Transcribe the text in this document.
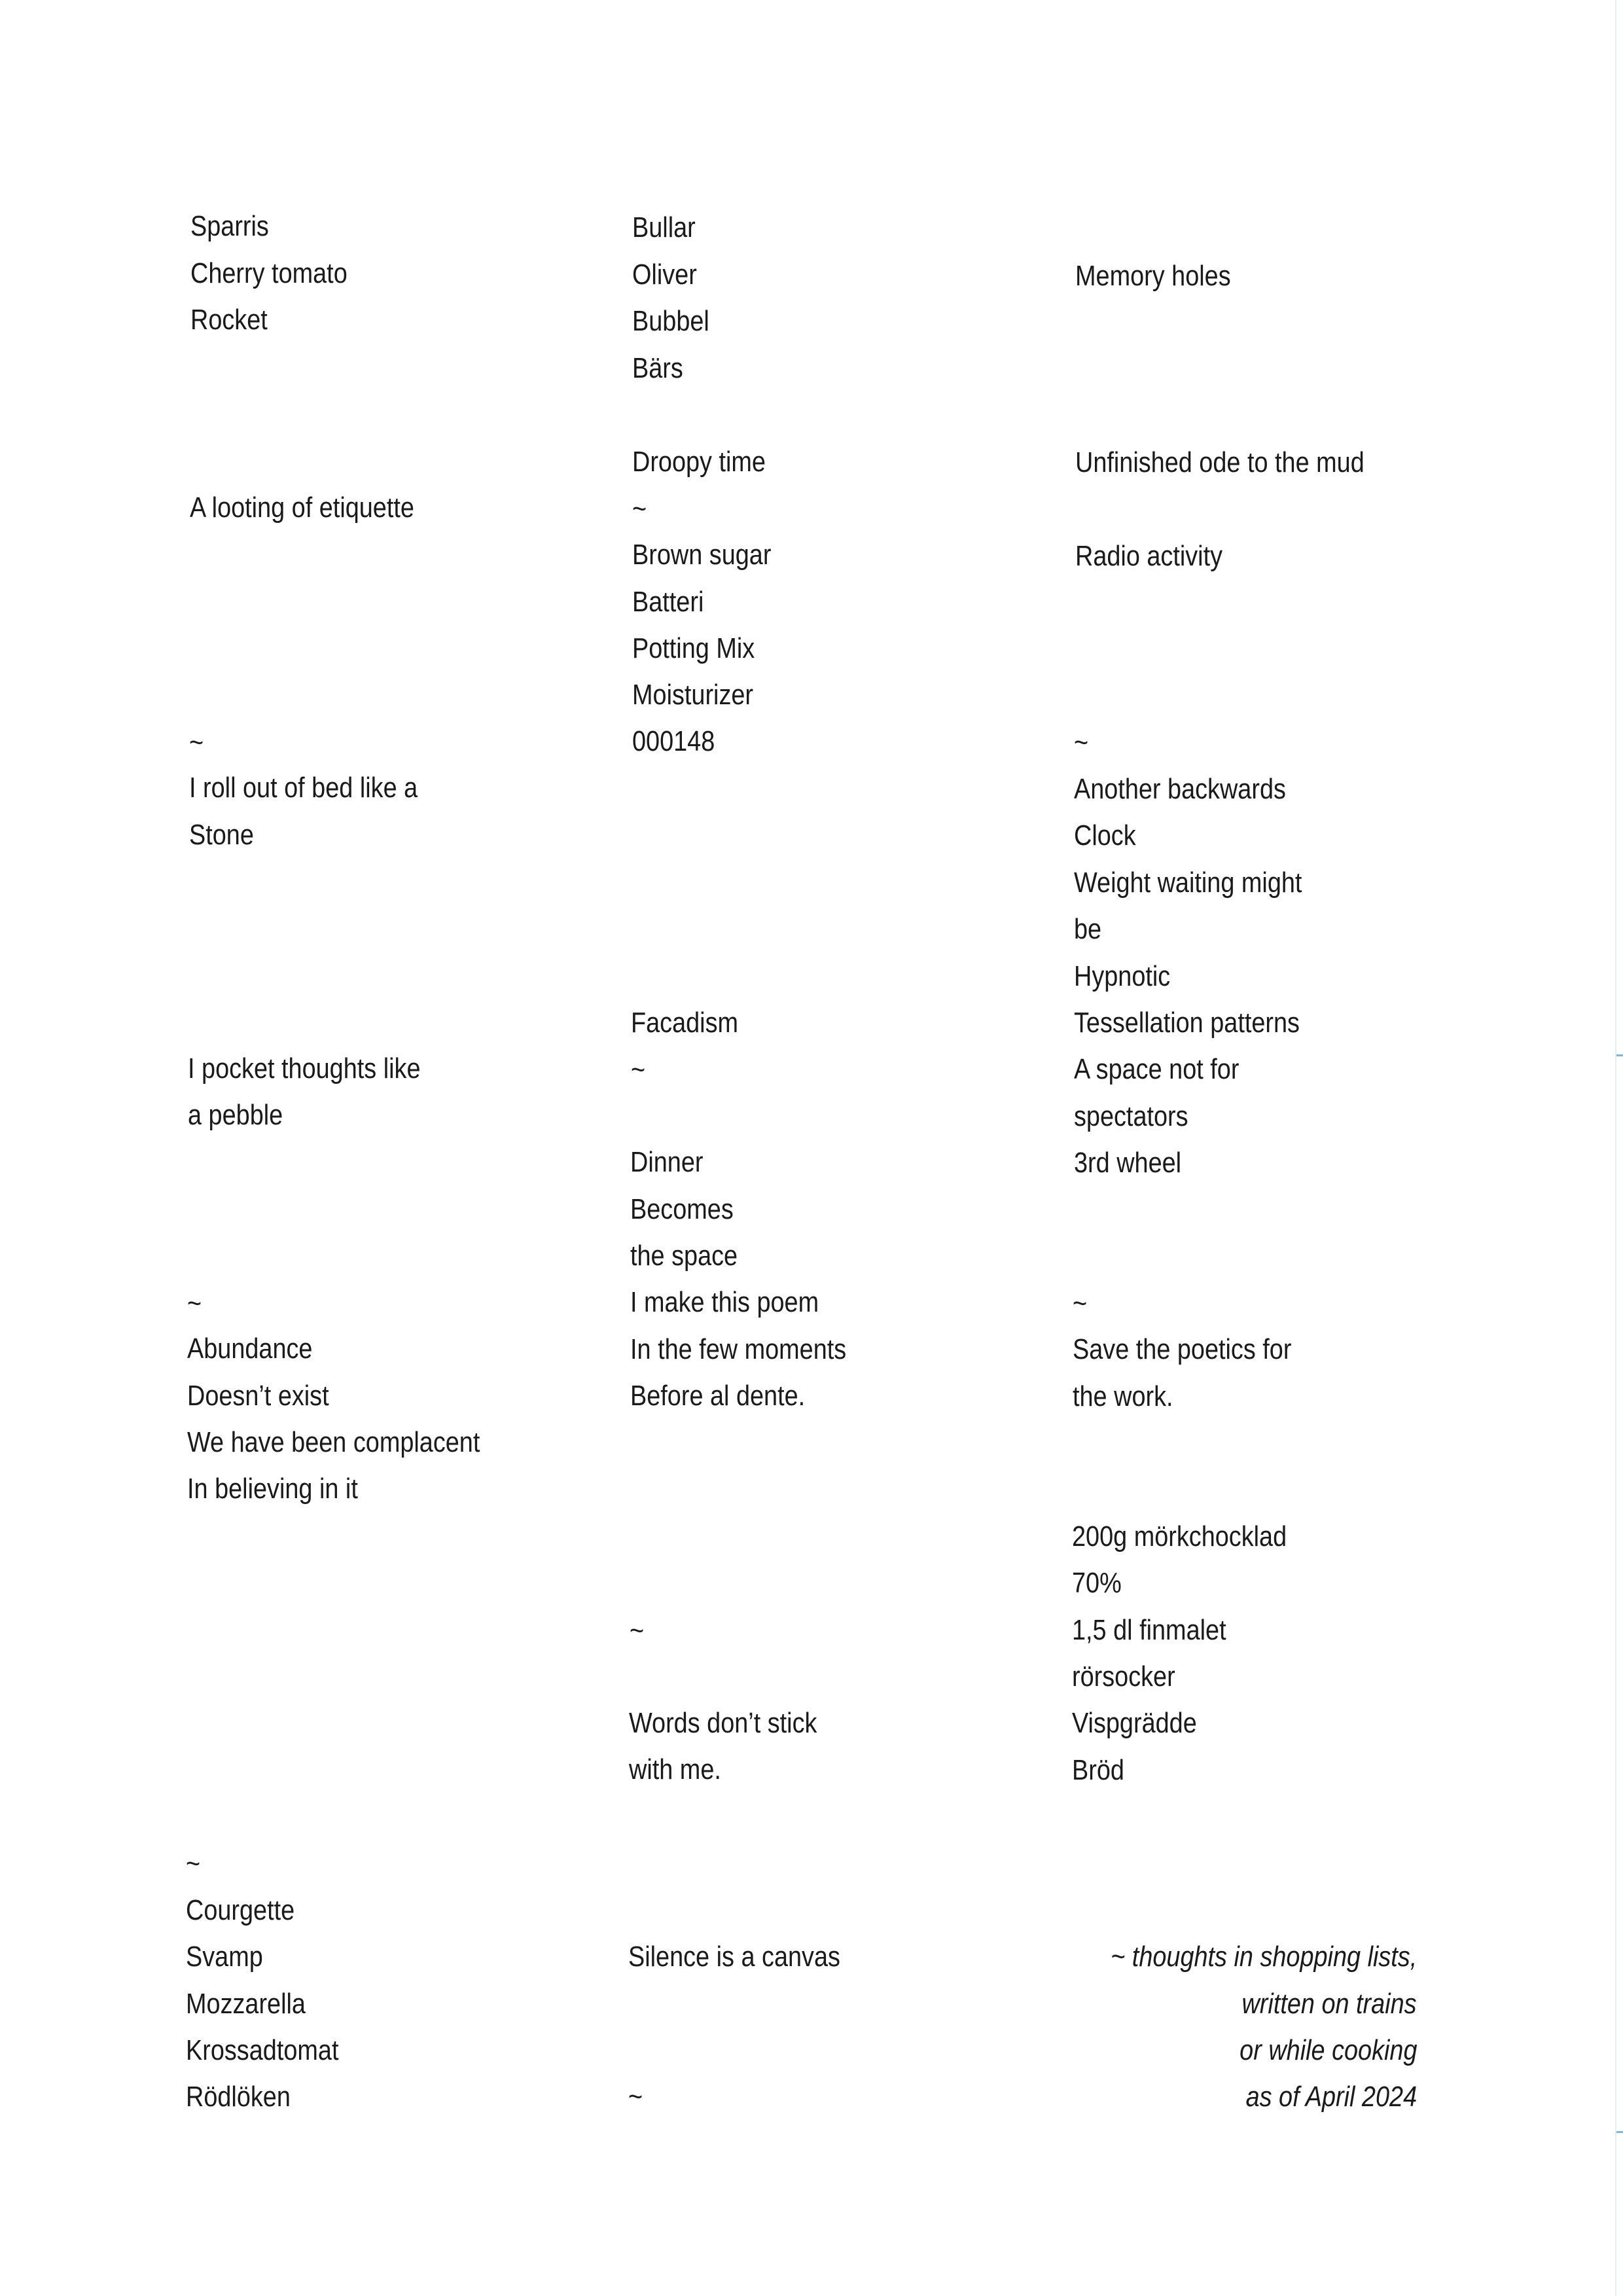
Sparris
Cherry tomato
Rocket
A looting of etiquette
~
I roll out of bed like a
Stone
I pocket thoughts like
a pebble
~
Abundance
Doesn’t exist
We have been complacent
In believing in it
~
Courgette
Svamp
Mozzarella
Krossadtomat
Rödlöken
Bullar
Oliver
Bubbel
Bärs
Droopy time
~
Brown sugar
Batteri
Potting Mix
Moisturizer
000148
Facadism
~
Dinner
Becomes
the space
I make this poem
In the few moments
Before al dente.
~
Words don’t stick
with me.
Silence is a canvas
~
Memory holes
Unfinished ode to the mud
Radio activity
~
Another backwards
Clock
Weight waiting might
be
Hypnotic
Tessellation patterns
A space not for
spectators
3rd wheel
~
Save the poetics for
the work.
200g mörkchocklad
70%
1,5 dl finmalet
rörsocker
Vispgrädde
Bröd
~ thoughts in shopping lists,
written on trains
or while cooking
as of April 2024
